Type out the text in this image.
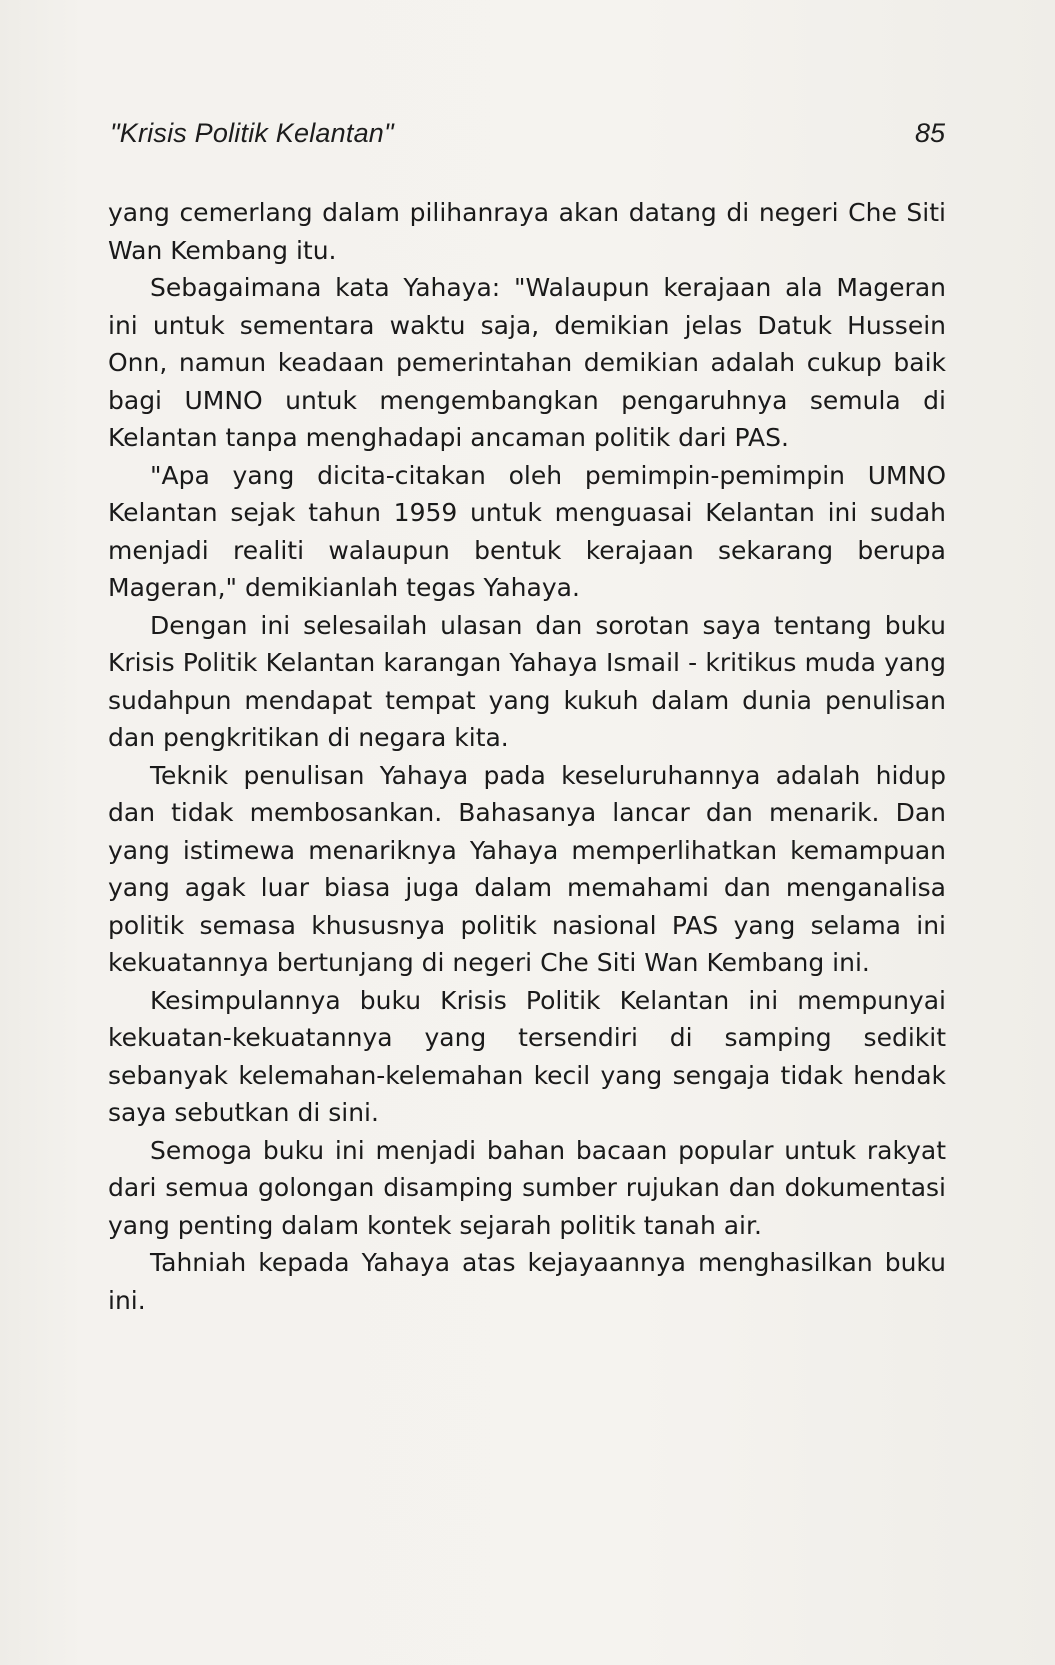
"Krisis Politik Kelantan"	85

yang cemerlang dalam pilihanraya akan datang di negeri Che Siti Wan Kembang itu.

Sebagaimana kata Yahaya: "Walaupun kerajaan ala Mageran ini untuk sementara waktu saja, demikian jelas Datuk Hussein Onn, namun keadaan pemerintahan demikian adalah cukup baik bagi UMNO untuk mengembangkan pengaruhnya semula di Kelantan tanpa menghadapi ancaman politik dari PAS.

"Apa yang dicita-citakan oleh pemimpin-pemimpin UMNO Kelantan sejak tahun 1959 untuk menguasai Kelantan ini sudah menjadi realiti walaupun bentuk kerajaan sekarang berupa Mageran," demikianlah tegas Yahaya.

Dengan ini selesailah ulasan dan sorotan saya tentang buku Krisis Politik Kelantan karangan Yahaya Ismail - kritikus muda yang sudahpun mendapat tempat yang kukuh dalam dunia penulisan dan pengkritikan di negara kita.

Teknik penulisan Yahaya pada keseluruhannya adalah hidup dan tidak membosankan. Bahasanya lancar dan menarik. Dan yang istimewa menariknya Yahaya memperlihatkan kemampuan yang agak luar biasa juga dalam memahami dan menganalisa politik semasa khususnya politik nasional PAS yang selama ini kekuatannya bertunjang di negeri Che Siti Wan Kembang ini.

Kesimpulannya buku Krisis Politik Kelantan ini mempunyai kekuatan-kekuatannya yang tersendiri di samping sedikit sebanyak kelemahan-kelemahan kecil yang sengaja tidak hendak saya sebutkan di sini.

Semoga buku ini menjadi bahan bacaan popular untuk rakyat dari semua golongan disamping sumber rujukan dan dokumentasi yang penting dalam kontek sejarah politik tanah air.

Tahniah kepada Yahaya atas kejayaannya menghasilkan buku ini.
